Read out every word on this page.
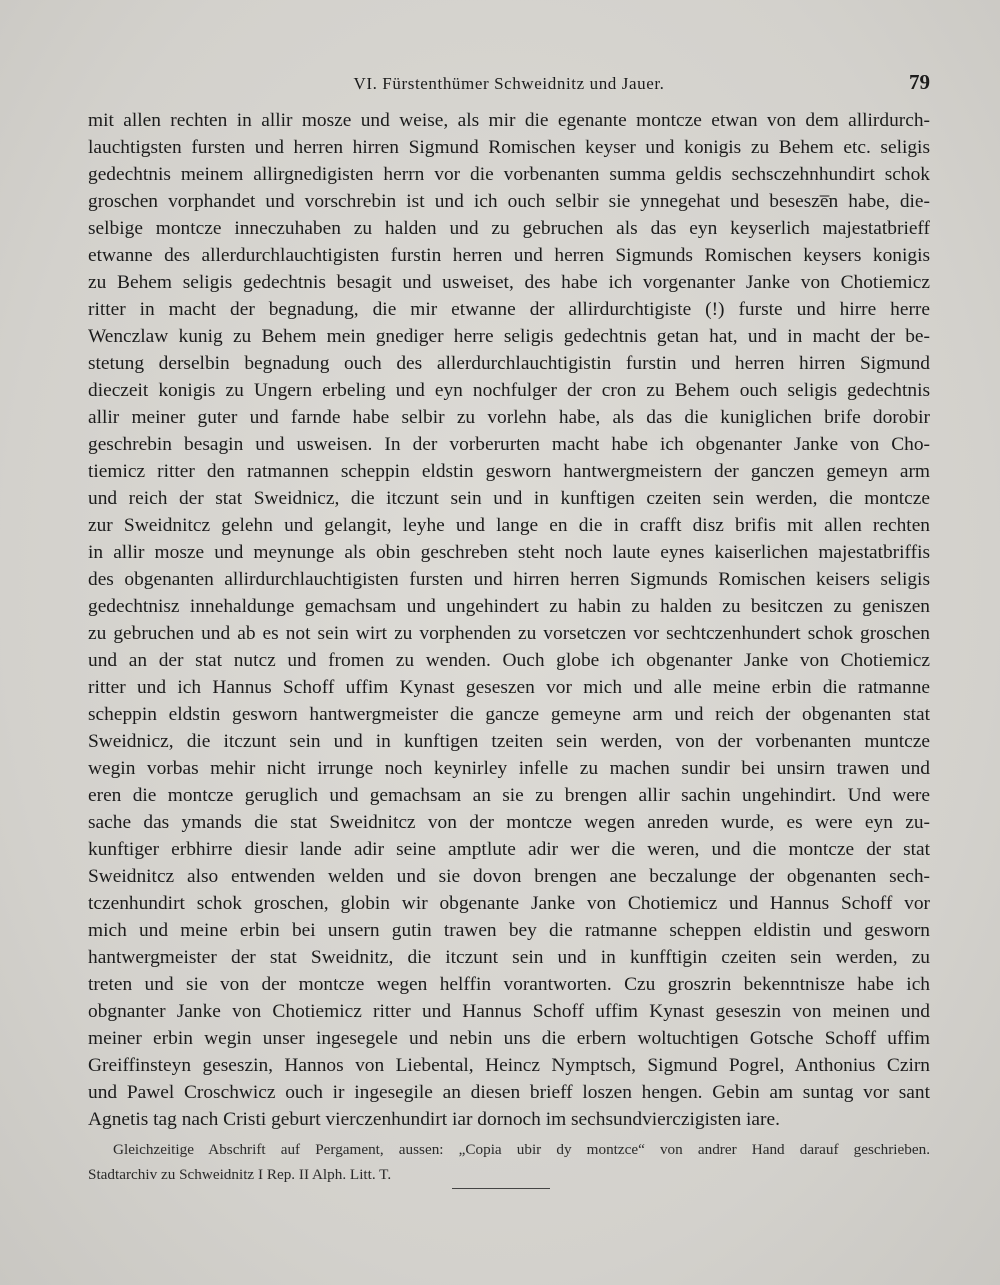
VI. Fürstenthümer Schweidnitz und Jauer.	79
mit allen rechten in allir mosze und weise, als mir die egenante montcze etwan von dem allirdurch-
lauchtigsten fursten und herren hirren Sigmund Romischen keyser und konigis zu Behem etc. seligis
gedechtnis meinem allirgnedigisten herrn vor die vorbenanten summa geldis sechsczehnhundirt schok
groschen vorphandet und vorschrebin ist und ich ouch selbir sie ynnegehat und besesze̅n habe, die-
selbige montcze inneczuhaben zu halden und zu gebruchen als das eyn keyserlich majestatbrieff
etwanne des allerdurchlauchtigisten furstin herren und herren Sigmunds Romischen keysers konigis
zu Behem seligis gedechtnis besagit und usweiset, des habe ich vorgenanter Janke von Chotiemicz
ritter in macht der begnadung, die mir etwanne der allirdurchtigiste (!) furste und hirre herre
Wenczlaw kunig zu Behem mein gnediger herre seligis gedechtnis getan hat, und in macht der be-
stetung derselbin begnadung ouch des allerdurchlauchtigistin furstin und herren hirren Sigmund
dieczeit konigis zu Ungern erbeling und eyn nochfulger der cron zu Behem ouch seligis gedechtnis
allir meiner guter und farnde habe selbir zu vorlehn habe, als das die kuniglichen brife dorobir
geschrebin besagin und usweisen. In der vorberurten macht habe ich obgenanter Janke von Cho-
tiemicz ritter den ratmannen scheppin eldstin gesworn hantwergmeistern der ganczen gemeyn arm
und reich der stat Sweidnicz, die itczunt sein und in kunftigen czeiten sein werden, die montcze
zur Sweidnitcz gelehn und gelangit, leyhe und lange en die in crafft disz brifis mit allen rechten
in allir mosze und meynunge als obin geschreben steht noch laute eynes kaiserlichen majestatbriffis
des obgenanten allirdurchlauchtigisten fursten und hirren herren Sigmunds Romischen keisers seligis
gedechtnisz innehaldunge gemachsam und ungehindert zu habin zu halden zu besitczen zu geniszen
zu gebruchen und ab es not sein wirt zu vorphenden zu vorsetczen vor sechtczenhundert schok groschen
und an der stat nutcz und fromen zu wenden. Ouch globe ich obgenanter Janke von Chotiemicz
ritter und ich Hannus Schoff uffim Kynast geseszen vor mich und alle meine erbin die ratmanne
scheppin eldstin gesworn hantwergmeister die gancze gemeyne arm und reich der obgenanten stat
Sweidnicz, die itczunt sein und in kunftigen tzeiten sein werden, von der vorbenanten muntcze
wegin vorbas mehir nicht irrunge noch keynirley infelle zu machen sundir bei unsirn trawen und
eren die montcze geruglich und gemachsam an sie zu brengen allir sachin ungehindirt. Und were
sache das ymands die stat Sweidnitcz von der montcze wegen anreden wurde, es were eyn zu-
kunftiger erbhirre diesir lande adir seine amptlute adir wer die weren, und die montcze der stat
Sweidnitcz also entwenden welden und sie dovon brengen ane beczalunge der obgenanten sech-
tczenhundirt schok groschen, globin wir obgenante Janke von Chotiemicz und Hannus Schoff vor
mich und meine erbin bei unsern gutin trawen bey die ratmanne scheppen eldistin und gesworn
hantwergmeister der stat Sweidnitz, die itczunt sein und in kunfftigin czeiten sein werden, zu
treten und sie von der montcze wegen helffin vorantworten. Czu groszrin bekenntnisze habe ich
obgnanter Janke von Chotiemicz ritter und Hannus Schoff uffim Kynast geseszin von meinen und
meiner erbin wegin unser ingesegele und nebin uns die erbern woltuchtigen Gotsche Schoff uffim
Greiffinsteyn geseszin, Hannos von Liebental, Heincz Nymptsch, Sigmund Pogrel, Anthonius Czirn
und Pawel Croschwicz ouch ir ingesegile an diesen brieff loszen hengen. Gebin am suntag vor sant
Agnetis tag nach Cristi geburt vierczenhundirt iar dornoch im sechsundvierczigisten iare.
Gleichzeitige Abschrift auf Pergament, aussen: „Copia ubir dy montzce“ von andrer Hand darauf geschrieben.
Stadtarchiv zu Schweidnitz I Rep. II Alph. Litt. T.
